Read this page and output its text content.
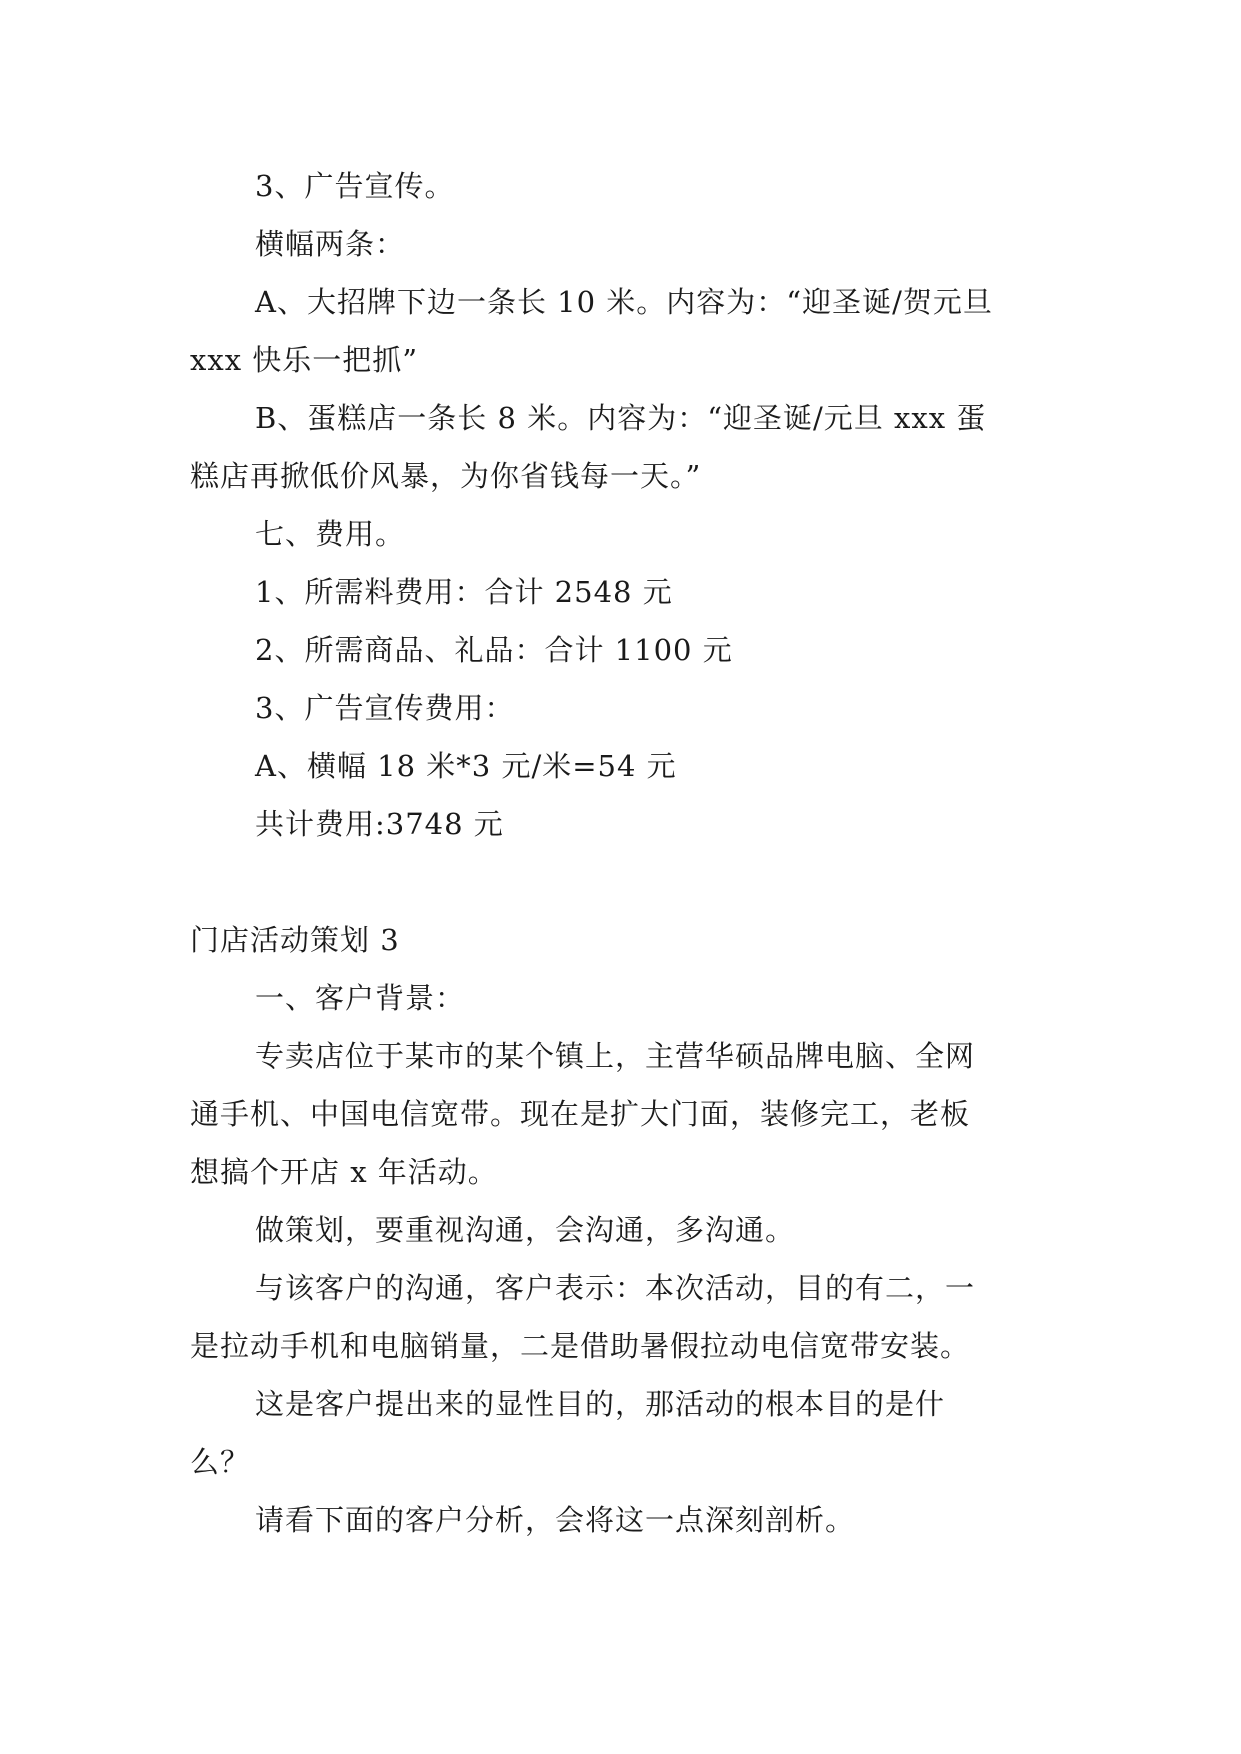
3、广告宣传。
横幅两条：
A、大招牌下边一条长 10 米。内容为：“迎圣诞/贺元旦
xxx 快乐一把抓”
B、蛋糕店一条长 8 米。内容为：“迎圣诞/元旦 xxx 蛋
糕店再掀低价风暴，为你省钱每一天。”
七、费用。
1、所需料费用：合计 2548 元
2、所需商品、礼品：合计 1100 元
3、广告宣传费用：
A、横幅 18 米*3 元/米=54 元
共计费用:3748 元
门店活动策划 3
一、客户背景：
专卖店位于某市的某个镇上，主营华硕品牌电脑、全网
通手机、中国电信宽带。现在是扩大门面，装修完工，老板
想搞个开店 x 年活动。
做策划，要重视沟通，会沟通，多沟通。
与该客户的沟通，客户表示：本次活动，目的有二，一
是拉动手机和电脑销量，二是借助暑假拉动电信宽带安装。
这是客户提出来的显性目的，那活动的根本目的是什
么？
请看下面的客户分析，会将这一点深刻剖析。
